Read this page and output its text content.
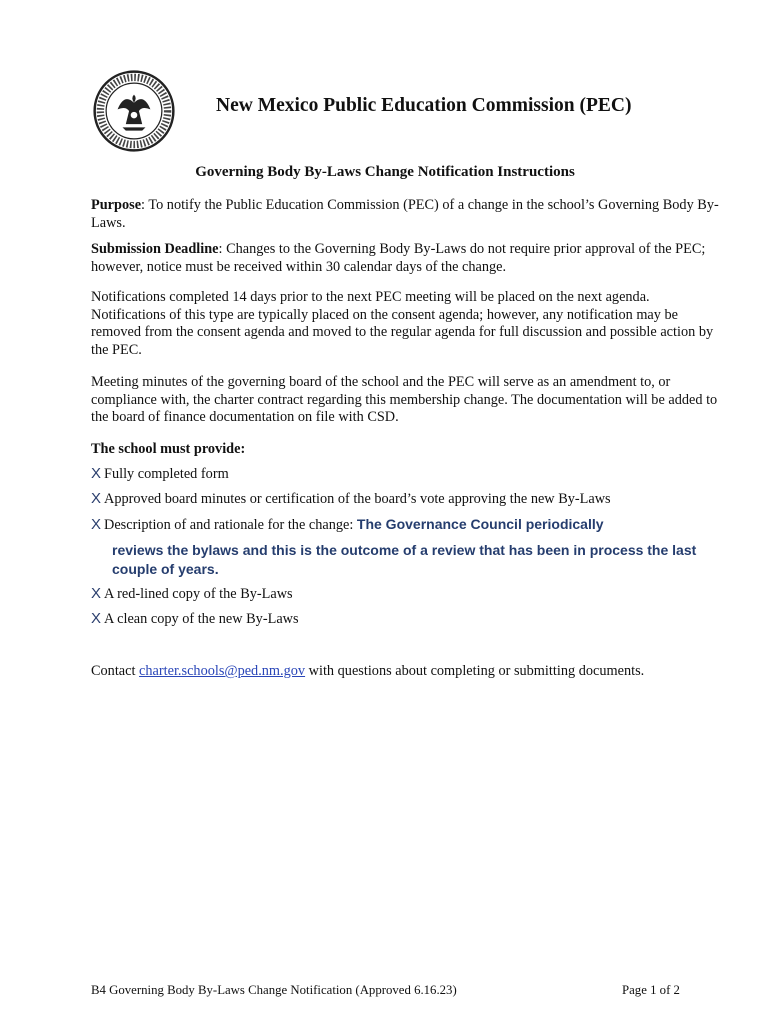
New Mexico Public Education Commission (PEC)
Governing Body By-Laws Change Notification Instructions
Purpose: To notify the Public Education Commission (PEC) of a change in the school’s Governing Body By-Laws.
Submission Deadline: Changes to the Governing Body By-Laws do not require prior approval of the PEC; however, notice must be received within 30 calendar days of the change.
Notifications completed 14 days prior to the next PEC meeting will be placed on the next agenda. Notifications of this type are typically placed on the consent agenda; however, any notification may be removed from the consent agenda and moved to the regular agenda for full discussion and possible action by the PEC.
Meeting minutes of the governing board of the school and the PEC will serve as an amendment to, or compliance with, the charter contract regarding this membership change. The documentation will be added to the board of finance documentation on file with CSD.
The school must provide:
X Fully completed form
X Approved board minutes or certification of the board’s vote approving the new By-Laws
X Description of and rationale for the change: The Governance Council periodically
reviews the bylaws and this is the outcome of a review that has been in process the last couple of years.
X A red-lined copy of the By-Laws
X A clean copy of the new By-Laws
Contact charter.schools@ped.nm.gov with questions about completing or submitting documents.
B4 Governing Body By-Laws Change Notification (Approved 6.16.23)	Page 1 of 2
